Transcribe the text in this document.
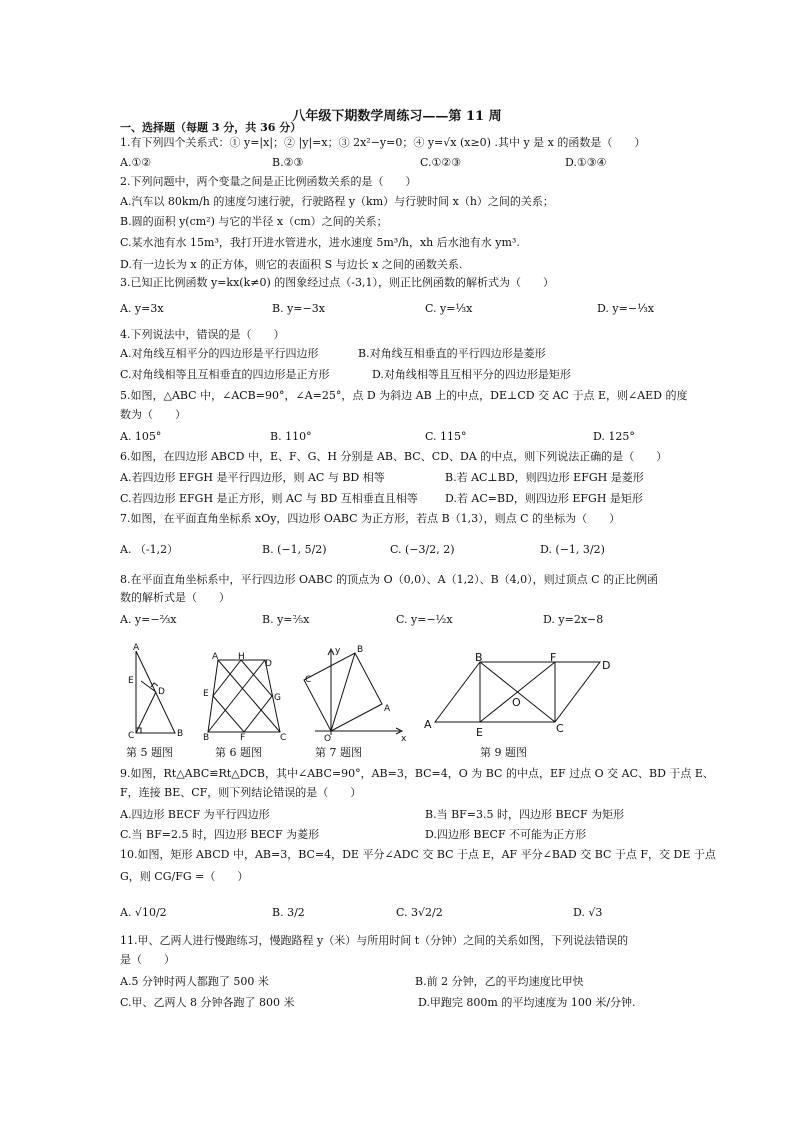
八年级下期数学周练习——第 11 周
一、选择题（每题 3 分，共 36 分）
1.有下列四个关系式：① y=|x|；② |y|=x；③ 2x²−y=0；④ y=√x (x≥0) .其中 y 是 x 的函数是（　　）
A.①②	B.②③	C.①②③	D.①③④
2.下列问题中，两个变量之间是正比例函数关系的是（　　）
A.汽车以 80km/h 的速度匀速行驶，行驶路程 y（km）与行驶时间 x（h）之间的关系；
B.圆的面积 y(cm²) 与它的半径 x（cm）之间的关系；
C.某水池有水 15m³，我打开进水管进水，进水速度 5m³/h，xh 后水池有水 ym³.
D.有一边长为 x 的正方体，则它的表面积 S 与边长 x 之间的函数关系.
3.已知正比例函数 y=kx(k≠0) 的图象经过点（-3,1），则正比例函数的解析式为（　　）
A. y=3x	B. y=−3x	C. y=⅓x	D. y=−⅓x
4.下列说法中，错误的是（　　）
A.对角线互相平分的四边形是平行四边形	B.对角线互相垂直的平行四边形是菱形
C.对角线相等且互相垂直的四边形是正方形	D.对角线相等且互相平分的四边形是矩形
5.如图，△ABC 中，∠ACB=90°，∠A=25°，点 D 为斜边 AB 上的中点，DE⊥CD 交 AC 于点 E，则∠AED 的度
数为（　　）
A. 105°	B. 110°	C. 115°	D. 125°
6.如图，在四边形 ABCD 中，E、F、G、H 分别是 AB、BC、CD、DA 的中点，则下列说法正确的是（　　）
A.若四边形 EFGH 是平行四边形，则 AC 与 BD 相等	B.若 AC⊥BD，则四边形 EFGH 是菱形
C.若四边形 EFGH 是正方形，则 AC 与 BD 互相垂直且相等 D.若 AC=BD，则四边形 EFGH 是矩形
7.如图，在平面直角坐标系 xOy，四边形 OABC 为正方形，若点 B（1,3），则点 C 的坐标为（　　）
A. （-1,2）	B. (−1, 5/2)	C. (−3/2, 2)	D. (−1, 3/2)
8.在平面直角坐标系中，平行四边形 OABC 的顶点为 O（0,0）、A（1,2）、B（4,0），则过顶点 C 的正比例函
数的解析式是（　　）
A. y=−⅔x	B. y=⅖x	C. y=−½x	D. y=2x−8
A
B
C
D
E
第 5 题图
A H
D
E	G
B	F	C
第 6 题图
y
x
O
A
B
C
第 7 题图
A
B	F
D
O
E	C
第 9 题图
9.如图，Rt△ABC≌Rt△DCB，其中∠ABC=90°，AB=3，BC=4，O 为 BC 的中点，EF 过点 O 交 AC、BD 于点 E、
F，连接 BE、CF，则下列结论错误的是（　　）
A.四边形 BECF 为平行四边形	B.当 BF=3.5 时，四边形 BECF 为矩形
C.当 BF=2.5 时，四边形 BECF 为菱形	D.四边形 BECF 不可能为正方形
10.如图，矩形 ABCD 中，AB=3，BC=4，DE 平分∠ADC 交 BC 于点 E，AF 平分∠BAD 交 BC 于点 F，交 DE 于点
G，则 CG/FG =（　　）
A. √10/2	B. 3/2	C. 3√2/2	D. √3
11.甲、乙两人进行慢跑练习，慢跑路程 y（米）与所用时间 t（分钟）之间的关系如图，下列说法错误的
是（　　）
A.5 分钟时两人都跑了 500 米	B.前 2 分钟，乙的平均速度比甲快
C.甲、乙两人 8 分钟各跑了 800 米	D.甲跑完 800m 的平均速度为 100 米/分钟.
